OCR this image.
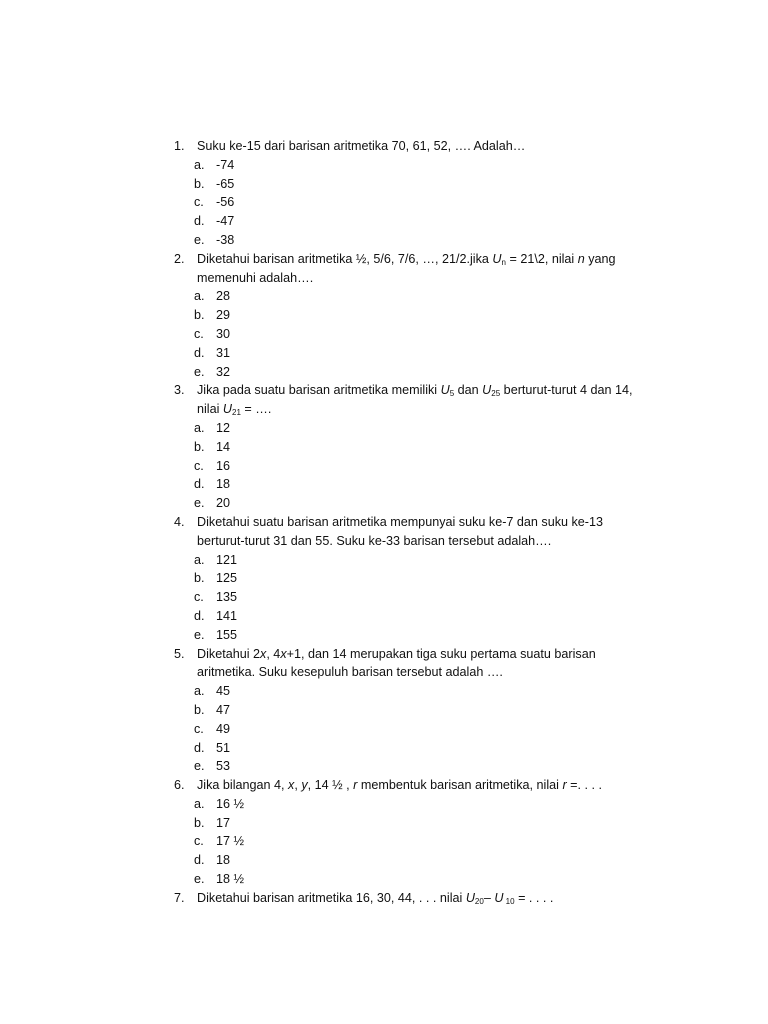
1. Suku ke-15 dari barisan aritmetika 70, 61, 52, …. Adalah…
a. -74
b. -65
c. -56
d. -47
e. -38
2. Diketahui barisan aritmetika ½, 5/6, 7/6, …, 21/2.jika $U_n$ = 21\2, nilai n yang memenuhi adalah….
a. 28
b. 29
c. 30
d. 31
e. 32
3. Jika pada suatu barisan aritmetika memiliki $U_5$ dan $U_{25}$ berturut-turut 4 dan 14, nilai $U_{21}$ = ….
a. 12
b. 14
c. 16
d. 18
e. 20
4. Diketahui suatu barisan aritmetika mempunyai suku ke-7 dan suku ke-13 berturut-turut 31 dan 55. Suku ke-33 barisan tersebut adalah….
a. 121
b. 125
c. 135
d. 141
e. 155
5. Diketahui 2x, 4x+1, dan 14 merupakan tiga suku pertama suatu barisan aritmetika. Suku kesepuluh barisan tersebut adalah ….
a. 45
b. 47
c. 49
d. 51
e. 53
6. Jika bilangan 4, x, y, 14 ½ , r membentuk barisan aritmetika, nilai r =. . . .
a. 16 ½
b. 17
c. 17 ½
d. 18
e. 18 ½
7. Diketahui barisan aritmetika 16, 30, 44, . . . nilai $U_{20}-$ U $_{10}$ = . . . .
